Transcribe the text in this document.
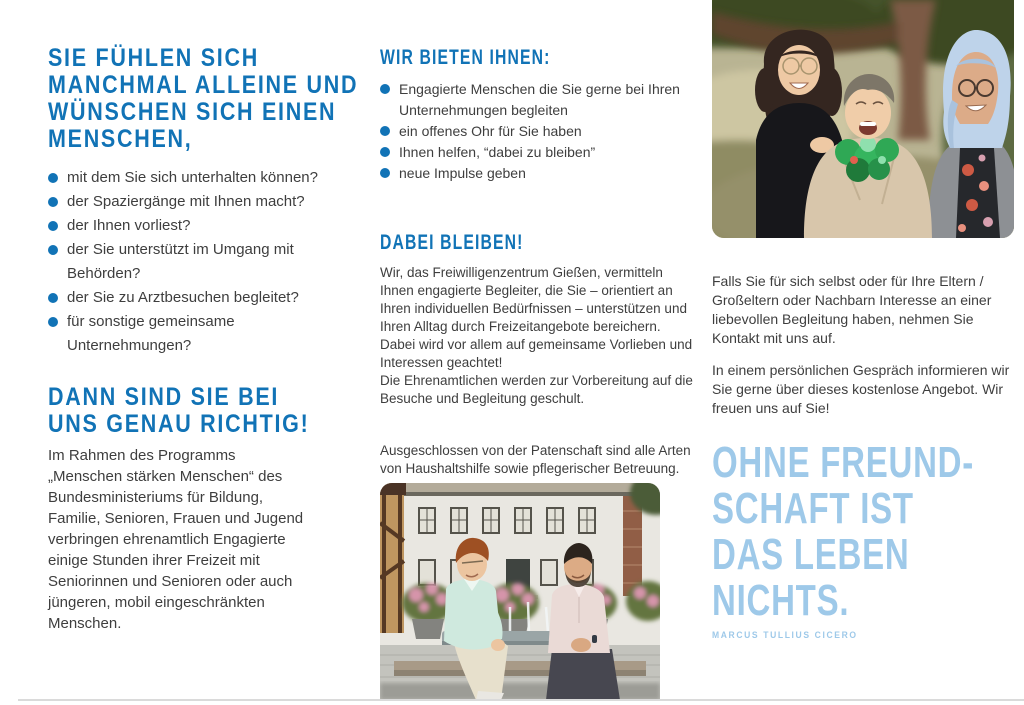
SIE FÜHLEN SICH
MANCHMAL ALLEINE UND
WÜNSCHEN SICH EINEN
MENSCHEN,
mit dem Sie sich unterhalten können?
der Spaziergänge mit Ihnen macht?
der Ihnen vorliest?
der Sie unterstützt im Umgang mit Behörden?
der Sie zu Arztbesuchen begleitet?
für sonstige gemeinsame Unternehmungen?
DANN SIND SIE BEI
UNS GENAU RICHTIG!
Im Rahmen des Programms
„Menschen stärken Menschen“ des
Bundesministeriums für Bildung,
Familie, Senioren, Frauen und Jugend
verbringen ehrenamtlich Engagierte
einige Stunden ihrer Freizeit mit
Seniorinnen und Senioren oder auch
jüngeren, mobil eingeschränkten
Menschen.
WIR BIETEN IHNEN:
Engagierte Menschen die Sie gerne bei Ihren Unternehmungen begleiten
ein offenes Ohr für Sie haben
Ihnen helfen, “dabei zu bleiben”
neue Impulse geben
DABEI BLEIBEN!
Wir, das Freiwilligenzentrum Gießen, vermitteln
Ihnen engagierte Begleiter, die Sie – orientiert an
Ihren individuellen Bedürfnissen – unterstützen und
Ihren Alltag durch Freizeitangebote bereichern.
Dabei wird vor allem auf gemeinsame Vorlieben und
Interessen geachtet!
Die Ehrenamtlichen werden zur Vorbereitung auf die
Besuche und Begleitung geschult.
Ausgeschlossen von der Patenschaft sind alle Arten
von Haushaltshilfe sowie pflegerischer Betreuung.
Falls Sie für sich selbst oder für Ihre Eltern /
Großeltern oder Nachbarn Interesse an einer
liebevollen Begleitung haben, nehmen Sie
Kontakt mit uns auf.
In einem persönlichen Gespräch informieren wir
Sie gerne über dieses kostenlose Angebot. Wir
freuen uns auf Sie!
OHNE FREUND-
SCHAFT IST
DAS LEBEN
NICHTS.
MARCUS TULLIUS CICERO
